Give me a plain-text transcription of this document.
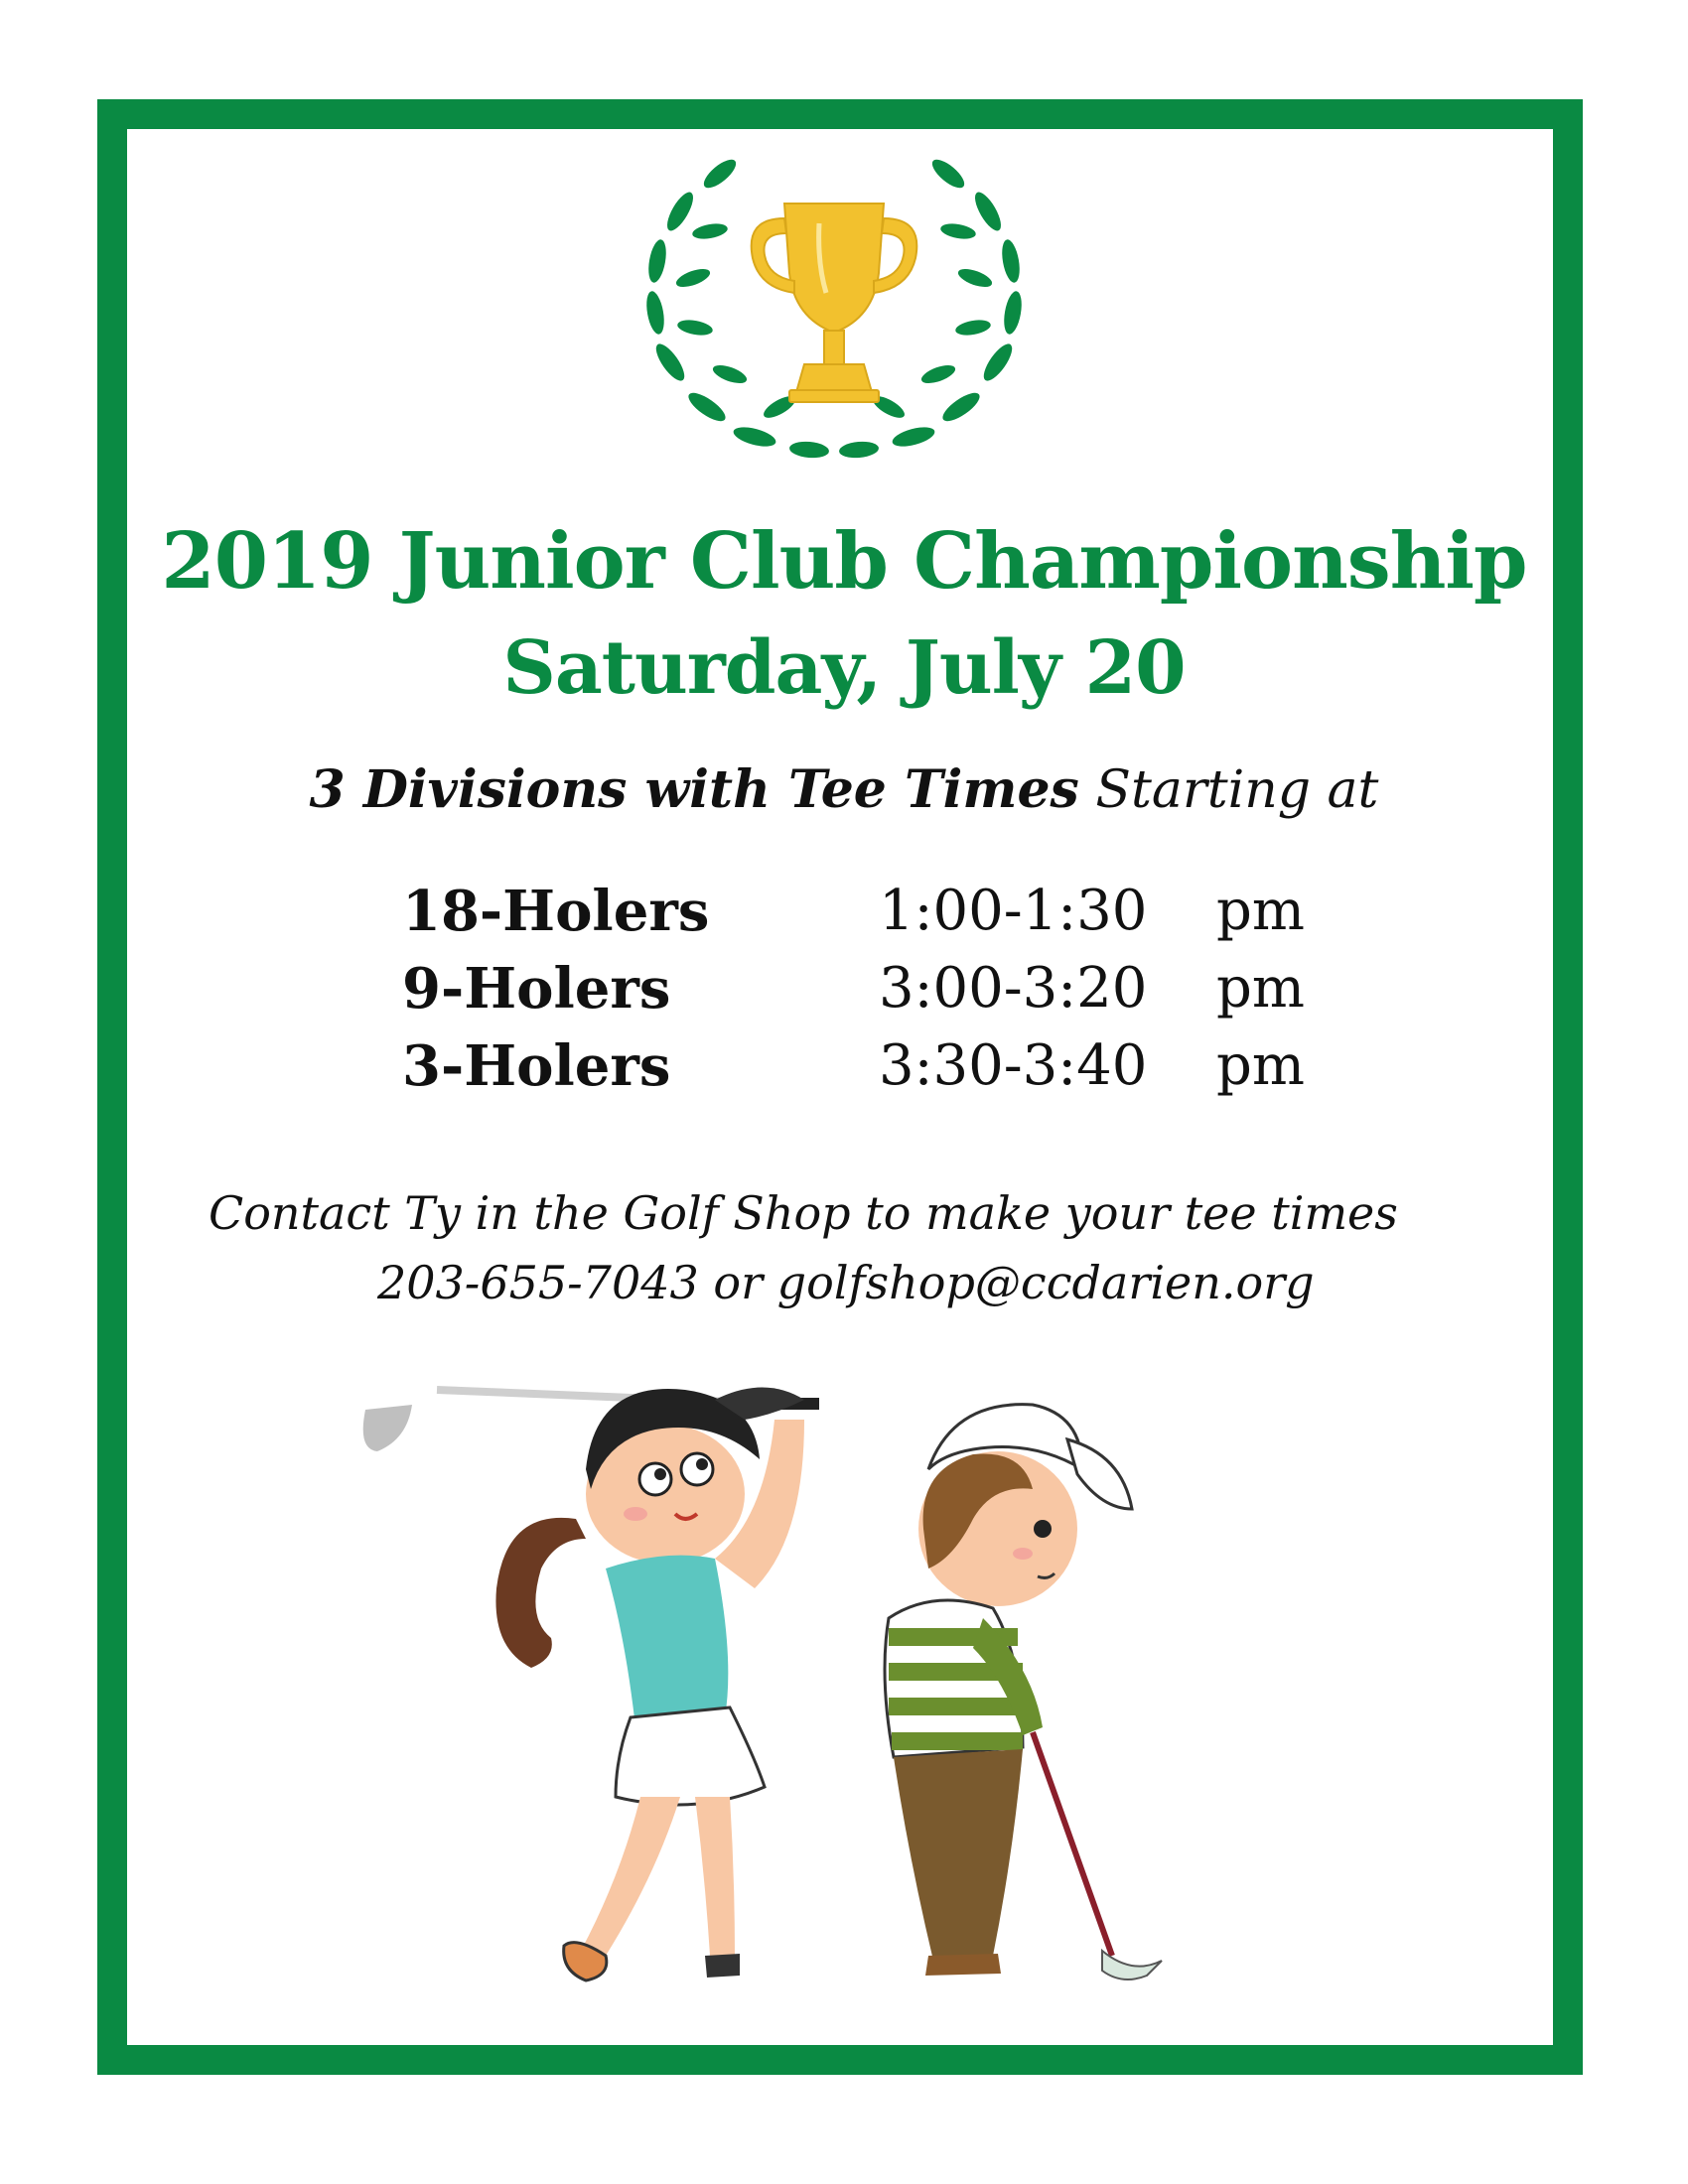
2019 Junior Club Championship
Saturday, July 20
3 Divisions with Tee Times Starting at
18-Holers	1:00-1:30 pm
9-Holers	3:00-3:20 pm
3-Holers	3:30-3:40 pm
Contact Ty in the Golf Shop to make your tee times
203-655-7043 or golfshop@ccdarien.org
